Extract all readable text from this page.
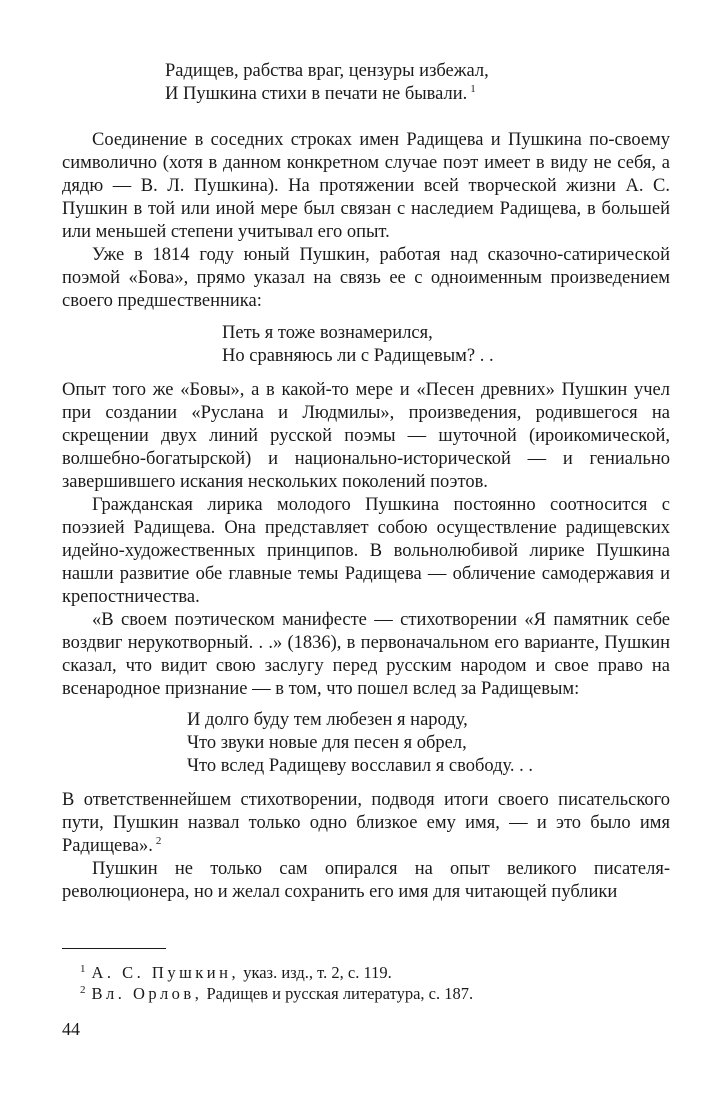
Радищев, рабства враг, цензуры избежал,
И Пушкина стихи в печати не бывали. $^1$

Соединение в соседних строках имен Радищева и Пушкина по-своему символично (хотя в данном конкретном случае поэт имеет в виду не себя, а дядю — В. Л. Пушкина). На протяжении всей творческой жизни А. С. Пушкин в той или иной мере был связан с наследием Радищева, в большей или меньшей степени учитывал его опыт.

Уже в 1814 году юный Пушкин, работая над сказочно-сатирической поэмой «Бова», прямо указал на связь ее с одноименным произведением своего предшественника:

Петь я тоже вознамерился,
Но сравняюсь ли с Радищевым? . .

Опыт того же «Бовы», а в какой-то мере и «Песен древних» Пушкин учел при создании «Руслана и Людмилы», произведения, родившегося на скрещении двух линий русской поэмы — шуточной (ироикомической, волшебно-богатырской) и национально-исторической — и гениально завершившего искания нескольких поколений поэтов.

Гражданская лирика молодого Пушкина постоянно соотносится с поэзией Радищева. Она представляет собою осуществление радищевских идейно-художественных принципов. В вольнолюбивой лирике Пушкина нашли развитие обе главные темы Радищева — обличение самодержавия и крепостничества.

«В своем поэтическом манифесте — стихотворении «Я памятник себе воздвиг нерукотворный. . .» (1836), в первоначальном его варианте, Пушкин сказал, что видит свою заслугу перед русским народом и свое право на всенародное признание — в том, что пошел вслед за Радищевым:

И долго буду тем любезен я народу,
Что звуки новые для песен я обрел,
Что вслед Радищеву восславил я свободу. . .

В ответственнейшем стихотворении, подводя итоги своего писательского пути, Пушкин назвал только одно близкое ему имя, — и это было имя Радищева». $^2$

Пушкин не только сам опирался на опыт великого писателя-революционера, но и желал сохранить его имя для читающей публики

$^1$ А. С. Пушкин, указ. изд., т. 2, с. 119.
$^2$ Вл. Орлов, Радищев и русская литература, с. 187.
44
